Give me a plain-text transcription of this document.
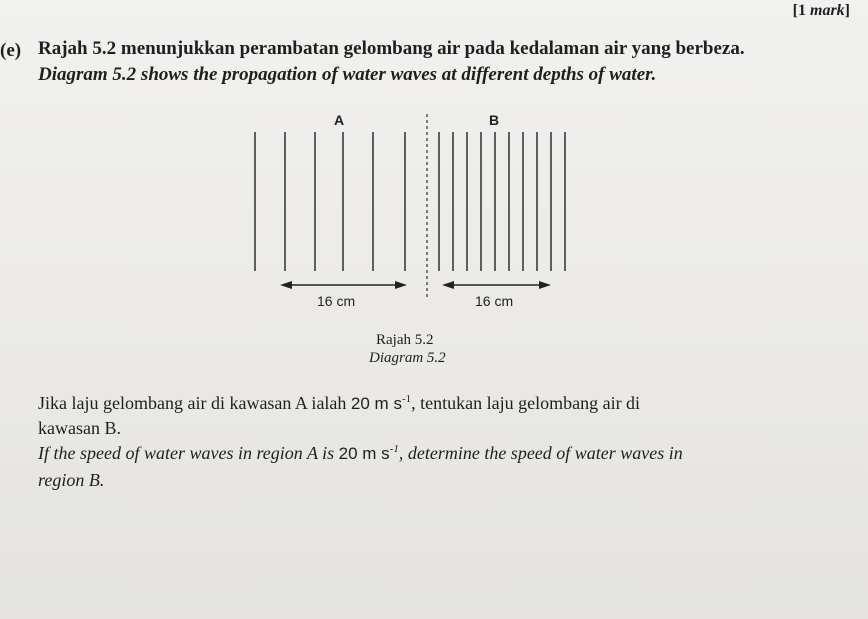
[1 mark]
(e) Rajah 5.2 menunjukkan perambatan gelombang air pada kedalaman air yang berbeza.
Diagram 5.2 shows the propagation of water waves at different depths of water.
A	B
16 cm	16 cm
Rajah 5.2
Diagram 5.2
Jika laju gelombang air di kawasan A ialah 20 m $s^{-1}$, tentukan laju gelombang air di
kawasan B.
If the speed of water waves in region A is 20 m $s^{-1}$, determine the speed of water waves in
region B.
